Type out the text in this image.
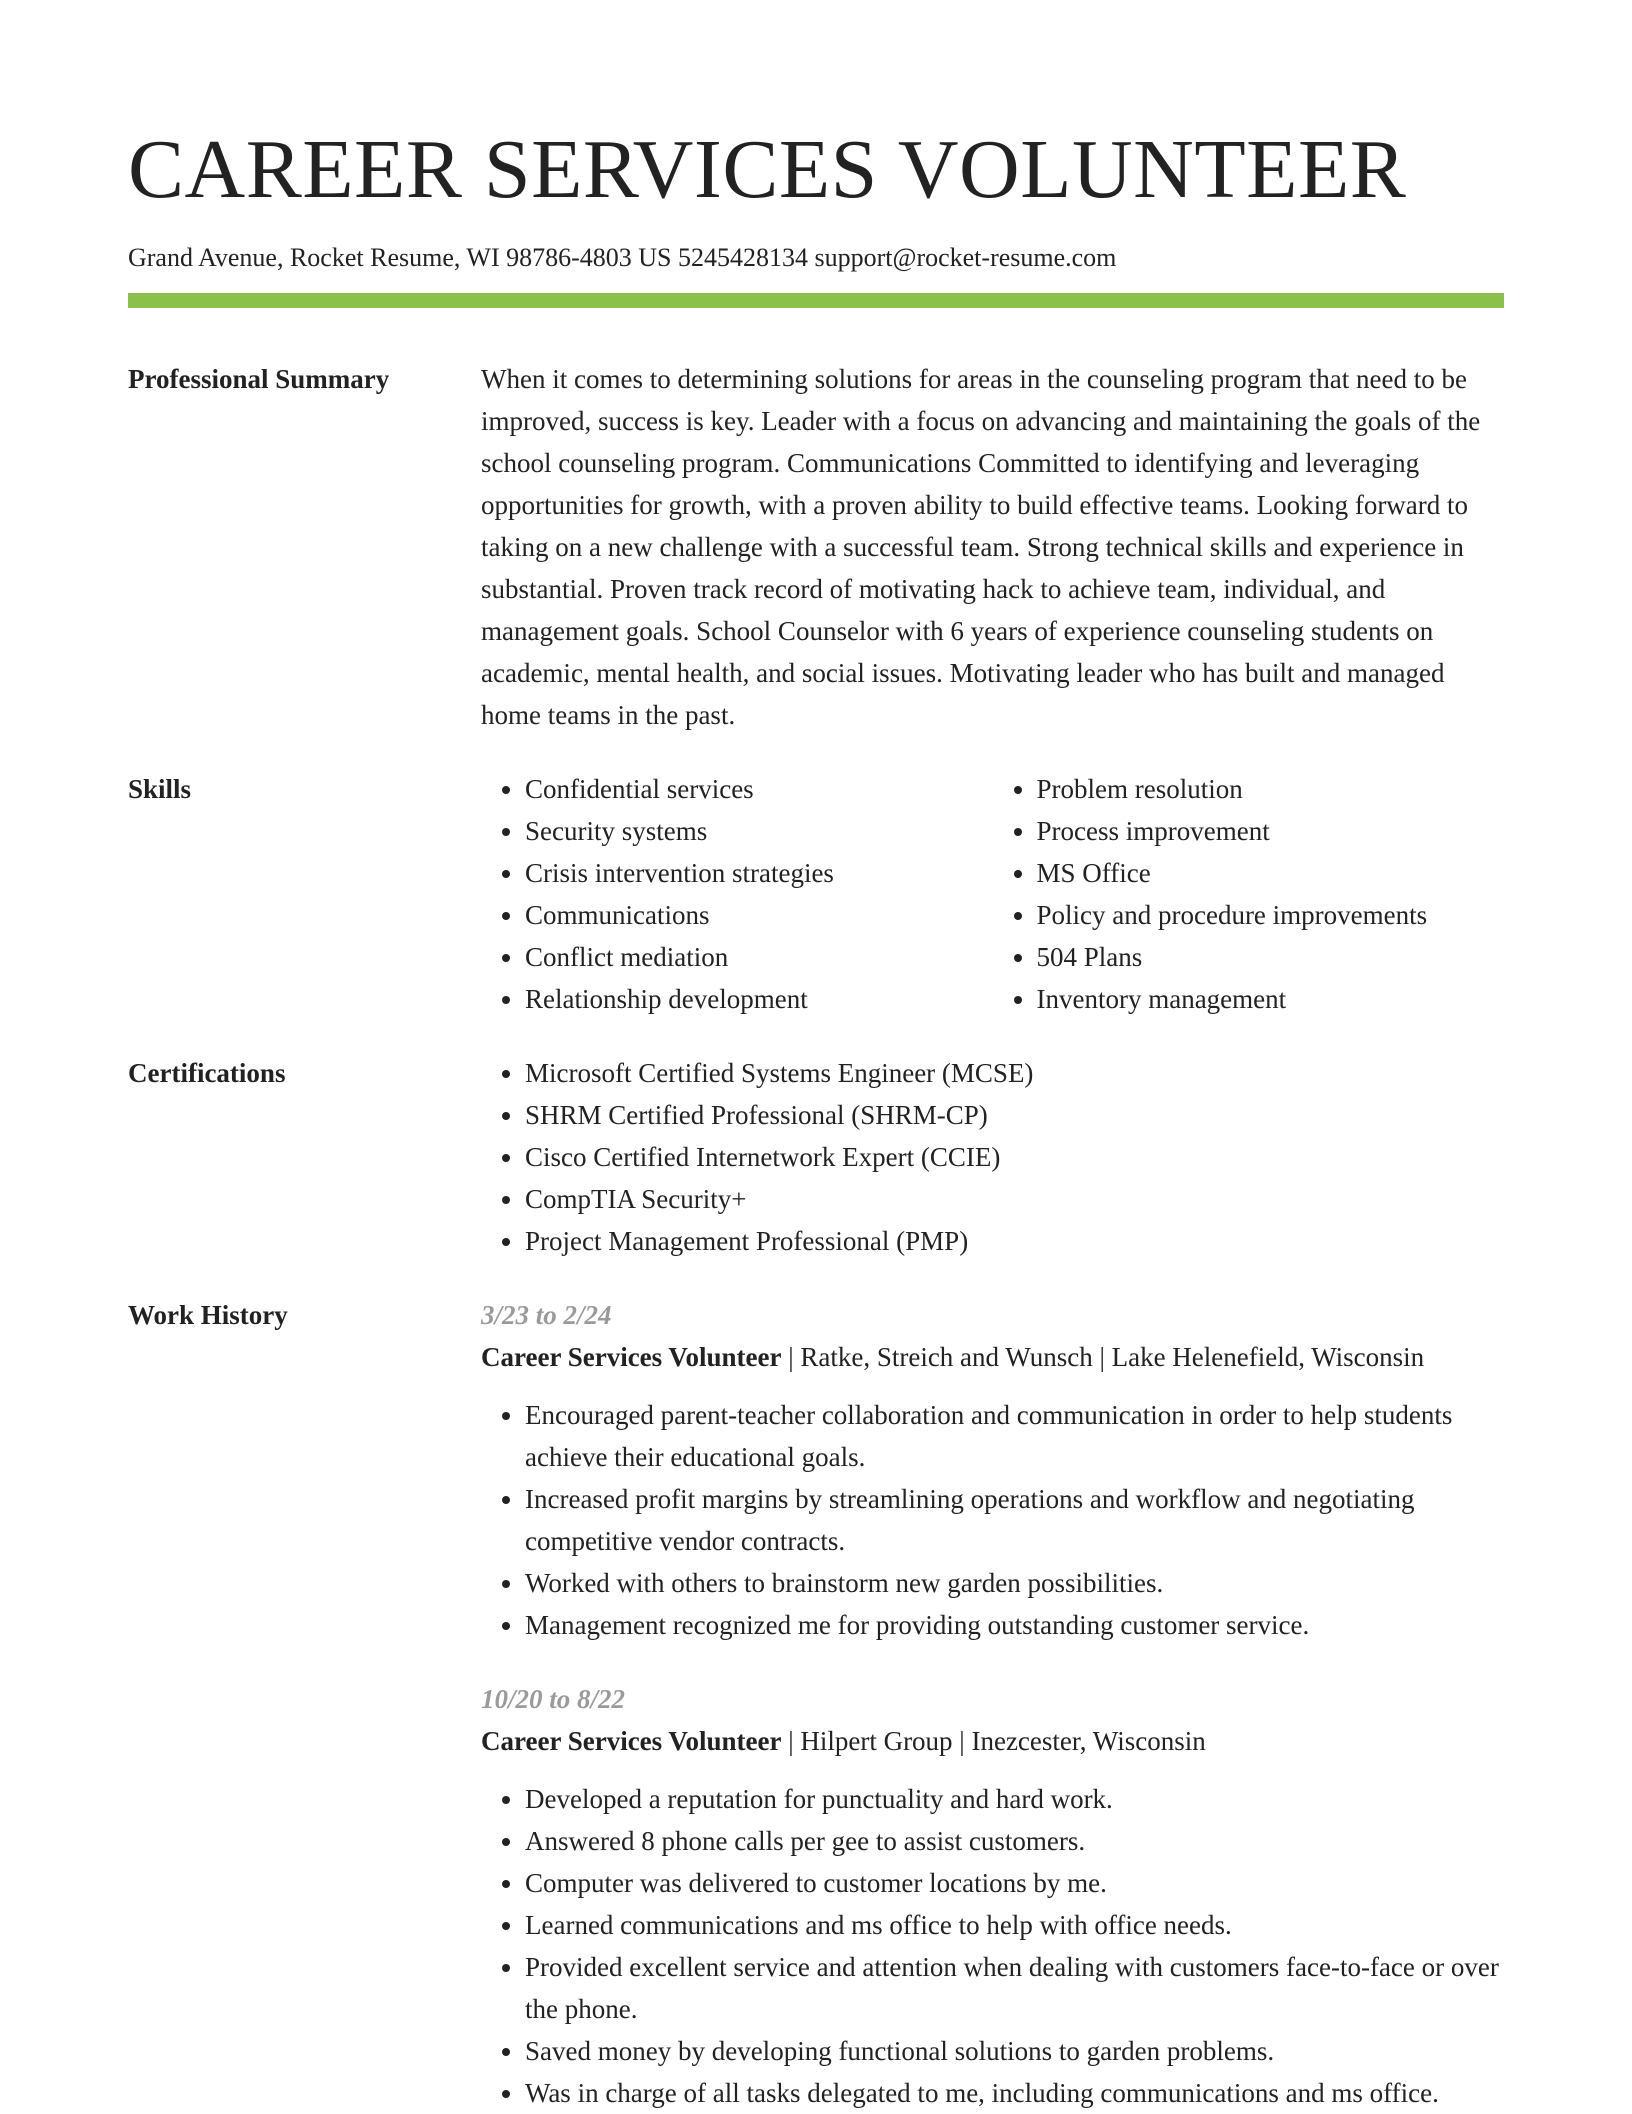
CAREER SERVICES VOLUNTEER
Grand Avenue, Rocket Resume, WI 98786-4803 US 5245428134 support@rocket-resume.com
Professional Summary	When it comes to determining solutions for areas in the counseling program that need to be improved, success is key. Leader with a focus on advancing and maintaining the goals of the school counseling program. Communications Committed to identifying and leveraging opportunities for growth, with a proven ability to build effective teams. Looking forward to taking on a new challenge with a successful team. Strong technical skills and experience in substantial. Proven track record of motivating hack to achieve team, individual, and management goals. School Counselor with 6 years of experience counseling students on academic, mental health, and social issues. Motivating leader who has built and managed home teams in the past.
Skills	• Confidential services
• Security systems
• Crisis intervention strategies
• Communications
• Conflict mediation
• Relationship development
• Problem resolution
• Process improvement
• MS Office
• Policy and procedure improvements
• 504 Plans
• Inventory management
Certifications	• Microsoft Certified Systems Engineer (MCSE)
• SHRM Certified Professional (SHRM-CP)
• Cisco Certified Internetwork Expert (CCIE)
• CompTIA Security+
• Project Management Professional (PMP)
Work History	3/23 to 2/24
Career Services Volunteer | Ratke, Streich and Wunsch | Lake Helenefield, Wisconsin
• Encouraged parent-teacher collaboration and communication in order to help students achieve their educational goals.
• Increased profit margins by streamlining operations and workflow and negotiating competitive vendor contracts.
• Worked with others to brainstorm new garden possibilities.
• Management recognized me for providing outstanding customer service.
10/20 to 8/22
Career Services Volunteer | Hilpert Group | Inezcester, Wisconsin
• Developed a reputation for punctuality and hard work.
• Answered 8 phone calls per gee to assist customers.
• Computer was delivered to customer locations by me.
• Learned communications and ms office to help with office needs.
• Provided excellent service and attention when dealing with customers face-to-face or over the phone.
• Saved money by developing functional solutions to garden problems.
• Was in charge of all tasks delegated to me, including communications and ms office.
